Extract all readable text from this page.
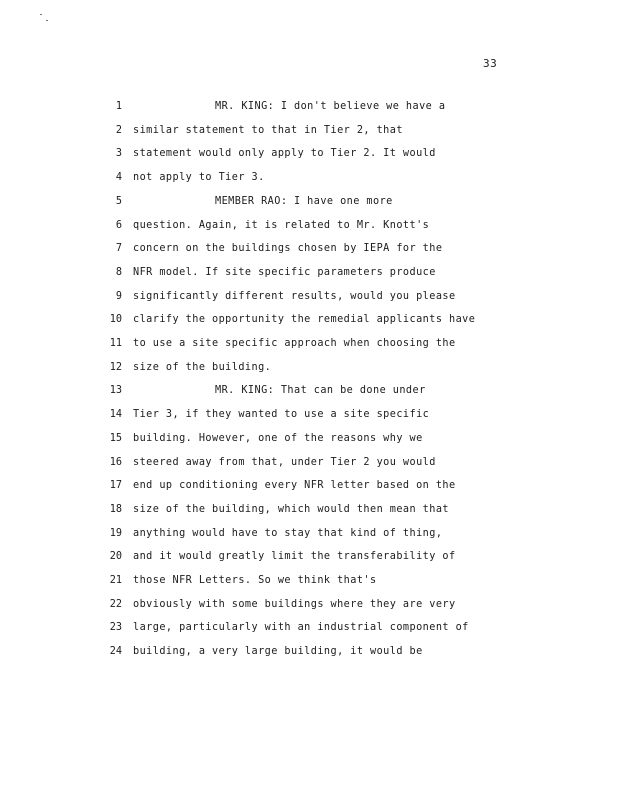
33
1	MR. KING: I don't believe we have a
2 similar statement to that in Tier 2, that
3 statement would only apply to Tier 2. It would
4 not apply to Tier 3.
5	MEMBER RAO: I have one more
6 question. Again, it is related to Mr. Knott's
7 concern on the buildings chosen by IEPA for the
8 NFR model. If site specific parameters produce
9 significantly different results, would you please
10 clarify the opportunity the remedial applicants have
11 to use a site specific approach when choosing the
12 size of the building.
13	MR. KING: That can be done under
14 Tier 3, if they wanted to use a site specific
15 building. However, one of the reasons why we
16 steered away from that, under Tier 2 you would
17 end up conditioning every NFR letter based on the
18 size of the building, which would then mean that
19 anything would have to stay that kind of thing,
20 and it would greatly limit the transferability of
21 those NFR Letters. So we think that's
22 obviously with some buildings where they are very
23 large, particularly with an industrial component of
24 building, a very large building, it would be
